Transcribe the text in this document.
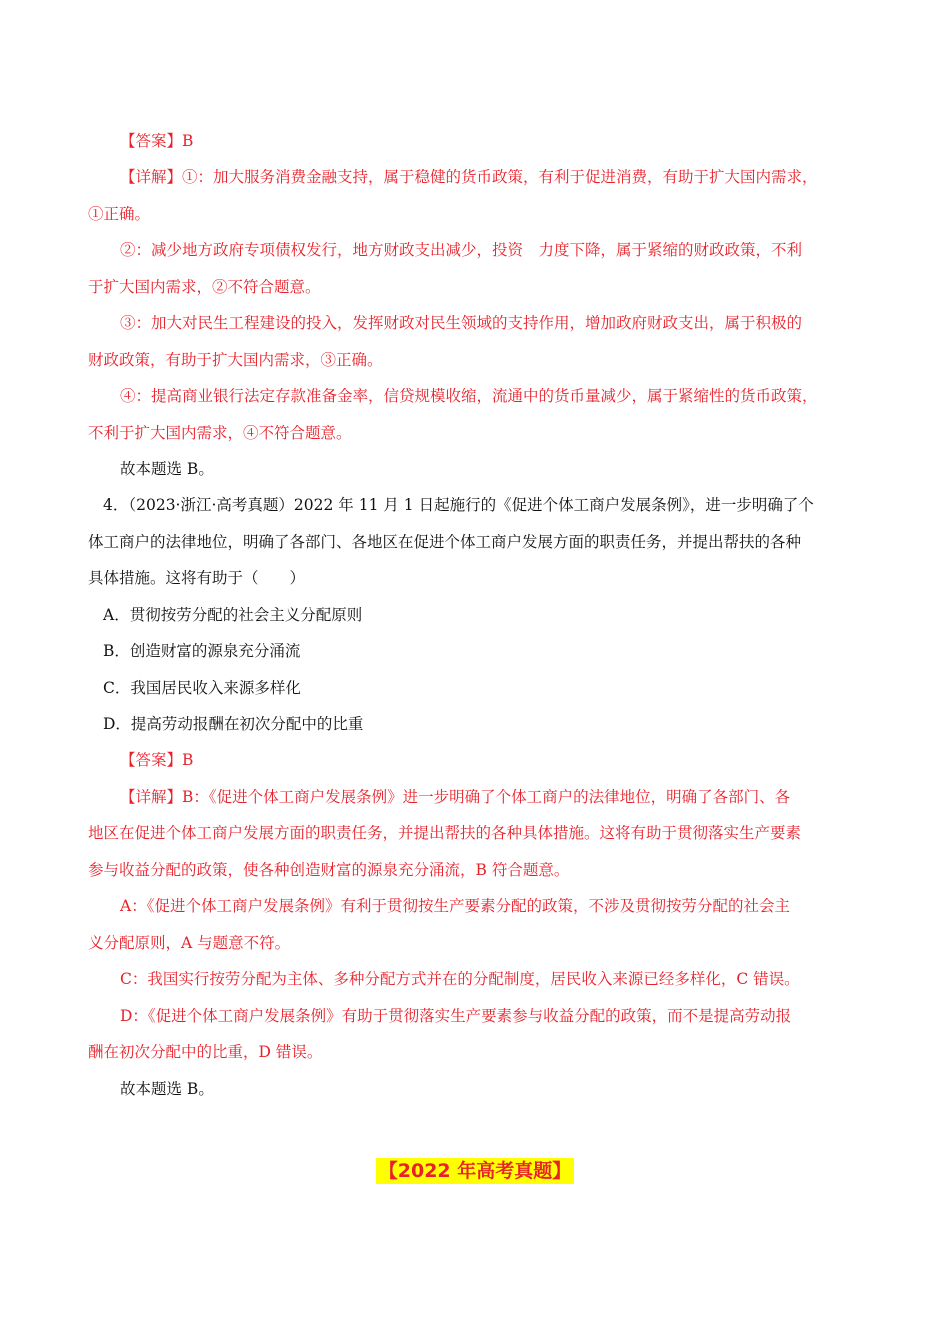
【答案】B
【详解】①：加大服务消费金融支持，属于稳健的货币政策，有利于促进消费，有助于扩大国内需求，
①正确。
②：减少地方政府专项债权发行，地方财政支出减少，投资　力度下降，属于紧缩的财政政策，不利
于扩大国内需求，②不符合题意。
③：加大对民生工程建设的投入，发挥财政对民生领域的支持作用，增加政府财政支出，属于积极的
财政政策，有助于扩大国内需求，③正确。
④：提高商业银行法定存款准备金率，信贷规模收缩，流通中的货币量减少，属于紧缩性的货币政策，
不利于扩大国内需求，④不符合题意。
故本题选 B。
4．（2023·浙江·高考真题）2022 年 11 月 1 日起施行的《促进个体工商户发展条例》，进一步明确了个
体工商户的法律地位，明确了各部门、各地区在促进个体工商户发展方面的职责任务，并提出帮扶的各种
具体措施。这将有助于（　　）
A．贯彻按劳分配的社会主义分配原则
B．创造财富的源泉充分涌流
C．我国居民收入来源多样化
D．提高劳动报酬在初次分配中的比重
【答案】B
【详解】B：《促进个体工商户发展条例》进一步明确了个体工商户的法律地位，明确了各部门、各
地区在促进个体工商户发展方面的职责任务，并提出帮扶的各种具体措施。这将有助于贯彻落实生产要素
参与收益分配的政策，使各种创造财富的源泉充分涌流，B 符合题意。
A：《促进个体工商户发展条例》有利于贯彻按生产要素分配的政策，不涉及贯彻按劳分配的社会主
义分配原则，A 与题意不符。
C：我国实行按劳分配为主体、多种分配方式并在的分配制度，居民收入来源已经多样化，C 错误。
D：《促进个体工商户发展条例》有助于贯彻落实生产要素参与收益分配的政策，而不是提高劳动报
酬在初次分配中的比重，D 错误。
故本题选 B。
【2022 年高考真题】
